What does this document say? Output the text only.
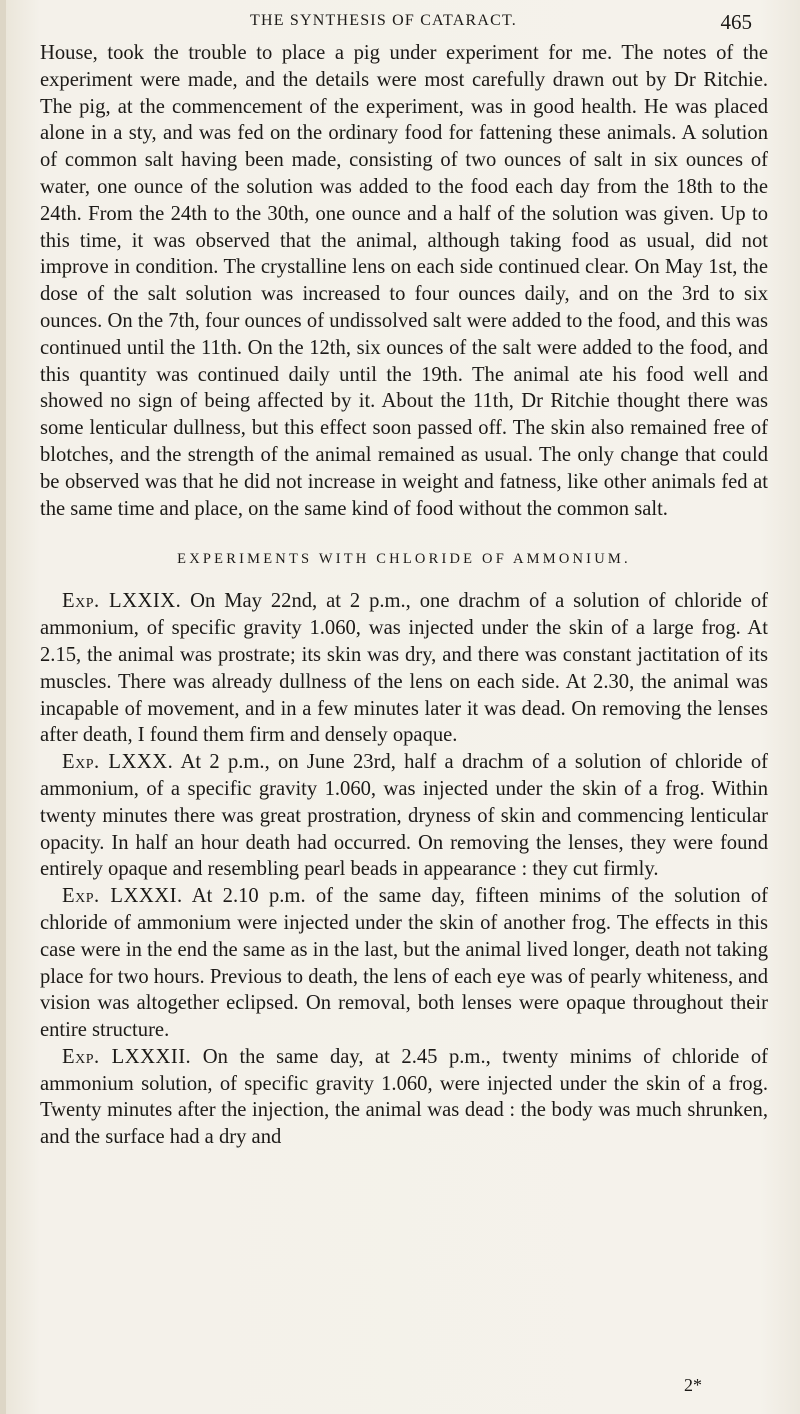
THE SYNTHESIS OF CATARACT.	465

House, took the trouble to place a pig under experiment for me. The notes of the experiment were made, and the details were most carefully drawn out by Dr Ritchie. The pig, at the commencement of the experiment, was in good health. He was placed alone in a sty, and was fed on the ordinary food for fattening these animals. A solution of common salt having been made, consisting of two ounces of salt in six ounces of water, one ounce of the solution was added to the food each day from the 18th to the 24th. From the 24th to the 30th, one ounce and a half of the solution was given. Up to this time, it was observed that the animal, although taking food as usual, did not improve in condition. The crystalline lens on each side continued clear. On May 1st, the dose of the salt solution was increased to four ounces daily, and on the 3rd to six ounces. On the 7th, four ounces of undissolved salt were added to the food, and this was continued until the 11th. On the 12th, six ounces of the salt were added to the food, and this quantity was continued daily until the 19th. The animal ate his food well and showed no sign of being affected by it. About the 11th, Dr Ritchie thought there was some lenticular dullness, but this effect soon passed off. The skin also remained free of blotches, and the strength of the animal remained as usual. The only change that could be observed was that he did not increase in weight and fatness, like other animals fed at the same time and place, on the same kind of food without the common salt.

EXPERIMENTS WITH CHLORIDE OF AMMONIUM.

Exp. LXXIX. On May 22nd, at 2 p.m., one drachm of a solution of chloride of ammonium, of specific gravity 1.060, was injected under the skin of a large frog. At 2.15, the animal was prostrate; its skin was dry, and there was constant jactitation of its muscles. There was already dullness of the lens on each side. At 2.30, the animal was incapable of movement, and in a few minutes later it was dead. On removing the lenses after death, I found them firm and densely opaque.

Exp. LXXX. At 2 p.m., on June 23rd, half a drachm of a solution of chloride of ammonium, of a specific gravity 1.060, was injected under the skin of a frog. Within twenty minutes there was great prostration, dryness of skin and commencing lenticular opacity. In half an hour death had occurred. On removing the lenses, they were found entirely opaque and resembling pearl beads in appearance : they cut firmly.

Exp. LXXXI. At 2.10 p.m. of the same day, fifteen minims of the solution of chloride of ammonium were injected under the skin of another frog. The effects in this case were in the end the same as in the last, but the animal lived longer, death not taking place for two hours. Previous to death, the lens of each eye was of pearly whiteness, and vision was altogether eclipsed. On removal, both lenses were opaque throughout their entire structure.

Exp. LXXXII. On the same day, at 2.45 p.m., twenty minims of chloride of ammonium solution, of specific gravity 1.060, were injected under the skin of a frog. Twenty minutes after the injection, the animal was dead : the body was much shrunken, and the surface had a dry and

2*
